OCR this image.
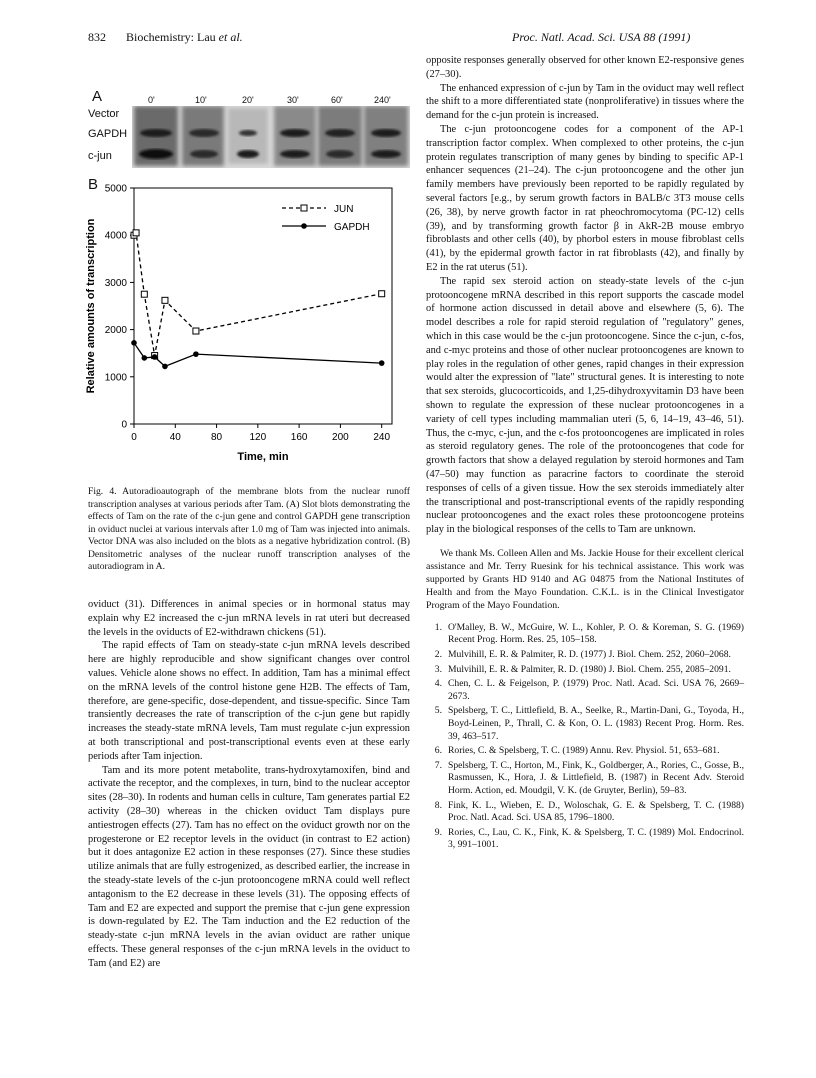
832 Biochemistry: Lau et al.	Proc. Natl. Acad. Sci. USA 88 (1991)
A
Vector
GAPDH
c-jun
0'	10'	20'	30'	60'	240'
B
0
1000
2000
3000
4000
5000
0	40	80	120 160 200 240
Time, min
Relative amounts of transcription
JUN
GAPDH
Fig. 4. Autoradioautograph of the membrane blots from the nuclear runoff transcription analyses at various periods after Tam. (A) Slot blots demonstrating the effects of Tam on the rate of the c-jun gene and control GAPDH gene transcription in oviduct nuclei at various intervals after 1.0 mg of Tam was injected into animals. Vector DNA was also included on the blots as a negative hybridization control. (B) Densitometric analyses of the nuclear runoff transcription analyses of the autoradiogram in A.

oviduct (31). Differences in animal species or in hormonal status may explain why E2 increased the c-jun mRNA levels in rat uteri but decreased the levels in the oviducts of E2-withdrawn chickens (51).

The rapid effects of Tam on steady-state c-jun mRNA levels described here are highly reproducible and show significant changes over control values. Vehicle alone shows no effect. In addition, Tam has a minimal effect on the mRNA levels of the control histone gene H2B. The effects of Tam, therefore, are gene-specific, dose-dependent, and tissue-specific. Since Tam transiently decreases the rate of transcription of the c-jun gene but rapidly increases the steady-state mRNA levels, Tam must regulate c-jun expression at both transcriptional and post-transcriptional events even at these early periods after Tam injection.

Tam and its more potent metabolite, trans-hydroxytamoxifen, bind and activate the receptor, and the complexes, in turn, bind to the nuclear acceptor sites (28–30). In rodents and human cells in culture, Tam generates partial E2 activity (28–30) whereas in the chicken oviduct Tam displays pure antiestrogen effects (27). Tam has no effect on the oviduct growth nor on the progesterone or E2 receptor levels in the oviduct (in contrast to E2 action) but it does antagonize E2 action in these responses (27). Since these studies utilize animals that are fully estrogenized, as described earlier, the increase in the steady-state levels of the c-jun protooncogene mRNA could well reflect antagonism to the E2 decrease in these levels (31). The opposing effects of Tam and E2 are expected and support the premise that c-jun gene expression is down-regulated by E2. The Tam induction and the E2 reduction of the steady-state c-jun mRNA levels in the avian oviduct are rather unique effects. These general responses of the c-jun mRNA levels in the oviduct to Tam (and E2) are

opposite responses generally observed for other known E2-responsive genes (27–30).

The enhanced expression of c-jun by Tam in the oviduct may well reflect the shift to a more differentiated state (nonproliferative) in tissues where the demand for the c-jun protein is increased.

The c-jun protooncogene codes for a component of the AP-1 transcription factor complex. When complexed to other proteins, the c-jun protein regulates transcription of many genes by binding to specific AP-1 enhancer sequences (21–24). The c-jun protooncogene and the other jun family members have previously been reported to be rapidly regulated by several factors [e.g., by serum growth factors in BALB/c 3T3 mouse cells (26, 38), by nerve growth factor in rat pheochromocytoma (PC-12) cells (39), and by transforming growth factor β in AkR-2B mouse embryo fibroblasts and other cells (40), by phorbol esters in mouse fibroblast cells (41), by the epidermal growth factor in rat fibroblasts (42), and finally by E2 in the rat uterus (51).

The rapid sex steroid action on steady-state levels of the c-jun protooncogene mRNA described in this report supports the cascade model of hormone action discussed in detail above and elsewhere (5, 6). The model describes a role for rapid steroid regulation of "regulatory" genes, which in this case would be the c-jun protooncogene. Since the c-jun, c-fos, and c-myc proteins and those of other nuclear protooncogenes are known to play roles in the regulation of other genes, rapid changes in their expression would alter the expression of "late" structural genes. It is interesting to note that sex steroids, glucocorticoids, and 1,25-dihydroxyvitamin D3 have been shown to regulate the expression of these nuclear protooncogenes in a variety of cell types including mammalian uteri (5, 6, 14–19, 43–46, 51). Thus, the c-myc, c-jun, and the c-fos protooncogenes are implicated in roles as steroid regulatory genes. The role of the protooncogenes that code for growth factors that show a delayed regulation by steroid hormones and Tam (47–50) may function as paracrine factors to coordinate the steroid responses of cells of a given tissue. How the sex steroids immediately alter the transcriptional and post-transcriptional events of the rapidly responding nuclear protooncogenes and the exact roles these protooncogene proteins play in the biological responses of the cells to Tam are unknown.

We thank Ms. Colleen Allen and Ms. Jackie House for their excellent clerical assistance and Mr. Terry Ruesink for his technical assistance. This work was supported by Grants HD 9140 and AG 04875 from the National Institutes of Health and from the Mayo Foundation. C.K.L. is in the Clinical Investigator Program of the Mayo Foundation.

1. O'Malley, B. W., McGuire, W. L., Kohler, P. O. & Koreman, S. G. (1969) Recent Prog. Horm. Res. 25, 105–158.
2. Mulvihill, E. R. & Palmiter, R. D. (1977) J. Biol. Chem. 252, 2060–2068.
3. Mulvihill, E. R. & Palmiter, R. D. (1980) J. Biol. Chem. 255, 2085–2091.
4. Chen, C. L. & Feigelson, P. (1979) Proc. Natl. Acad. Sci. USA 76, 2669–2673.
5. Spelsberg, T. C., Littlefield, B. A., Seelke, R., Martin-Dani, G., Toyoda, H., Boyd-Leinen, P., Thrall, C. & Kon, O. L. (1983) Recent Prog. Horm. Res. 39, 463–517.
6. Rories, C. & Spelsberg, T. C. (1989) Annu. Rev. Physiol. 51, 653–681.
7. Spelsberg, T. C., Horton, M., Fink, K., Goldberger, A., Rories, C., Gosse, B., Rasmussen, K., Hora, J. & Littlefield, B. (1987) in Recent Adv. Steroid Horm. Action, ed. Moudgil, V. K. (de Gruyter, Berlin), 59–83.
8. Fink, K. L., Wieben, E. D., Woloschak, G. E. & Spelsberg, T. C. (1988) Proc. Natl. Acad. Sci. USA 85, 1796–1800.
9. Rories, C., Lau, C. K., Fink, K. & Spelsberg, T. C. (1989) Mol. Endocrinol. 3, 991–1001.
